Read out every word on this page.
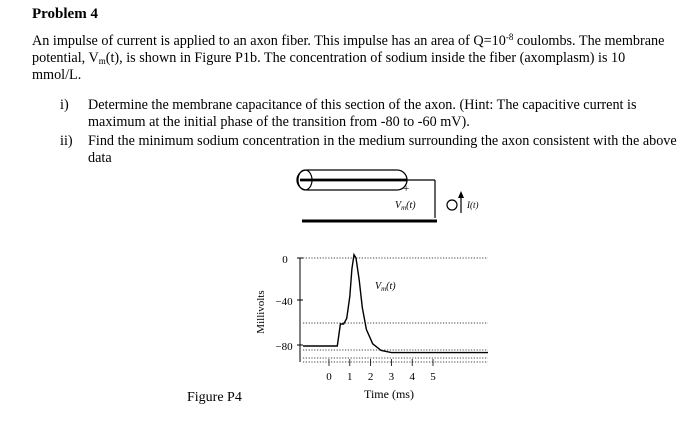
Problem 4
An impulse of current is applied to an axon fiber. This impulse has an area of $Q=10^{-8}$ coulombs. The membrane potential, $V_m(t)$, is shown in Figure P1b. The concentration of sodium inside the fiber (axomplasm) is 10 mmol/L.
i) Determine the membrane capacitance of this section of the axon. (Hint: The capacitive current is maximum at the initial phase of the transition from -80 to -60 mV).
ii) Find the minimum sodium concentration in the medium surrounding the axon consistent with the above data
+
$V_m(t)$	I(t)
0
−40
−80
Millivolts
0 1 2 3 4 5
$V_m(t)$
Time (ms)
Figure P4
